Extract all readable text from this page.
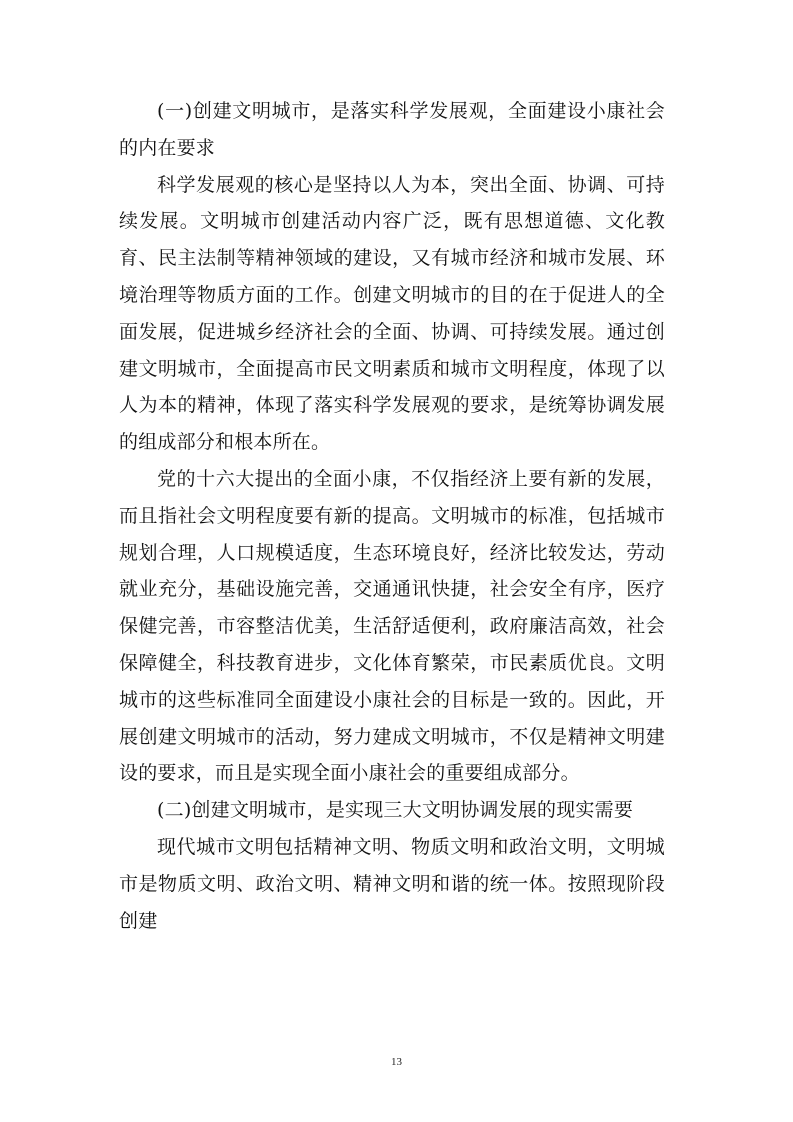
(一)创建文明城市，是落实科学发展观，全面建设小康社会的内在要求

科学发展观的核心是坚持以人为本，突出全面、协调、可持续发展。文明城市创建活动内容广泛，既有思想道德、文化教育、民主法制等精神领域的建设，又有城市经济和城市发展、环境治理等物质方面的工作。创建文明城市的目的在于促进人的全面发展，促进城乡经济社会的全面、协调、可持续发展。通过创建文明城市，全面提高市民文明素质和城市文明程度，体现了以人为本的精神，体现了落实科学发展观的要求，是统筹协调发展的组成部分和根本所在。

党的十六大提出的全面小康，不仅指经济上要有新的发展，而且指社会文明程度要有新的提高。文明城市的标准，包括城市规划合理，人口规模适度，生态环境良好，经济比较发达，劳动就业充分，基础设施完善，交通通讯快捷，社会安全有序，医疗保健完善，市容整洁优美，生活舒适便利，政府廉洁高效，社会保障健全，科技教育进步，文化体育繁荣，市民素质优良。文明城市的这些标准同全面建设小康社会的目标是一致的。因此，开展创建文明城市的活动，努力建成文明城市，不仅是精神文明建设的要求，而且是实现全面小康社会的重要组成部分。

(二)创建文明城市，是实现三大文明协调发展的现实需要

现代城市文明包括精神文明、物质文明和政治文明，文明城市是物质文明、政治文明、精神文明和谐的统一体。按照现阶段创建

13
